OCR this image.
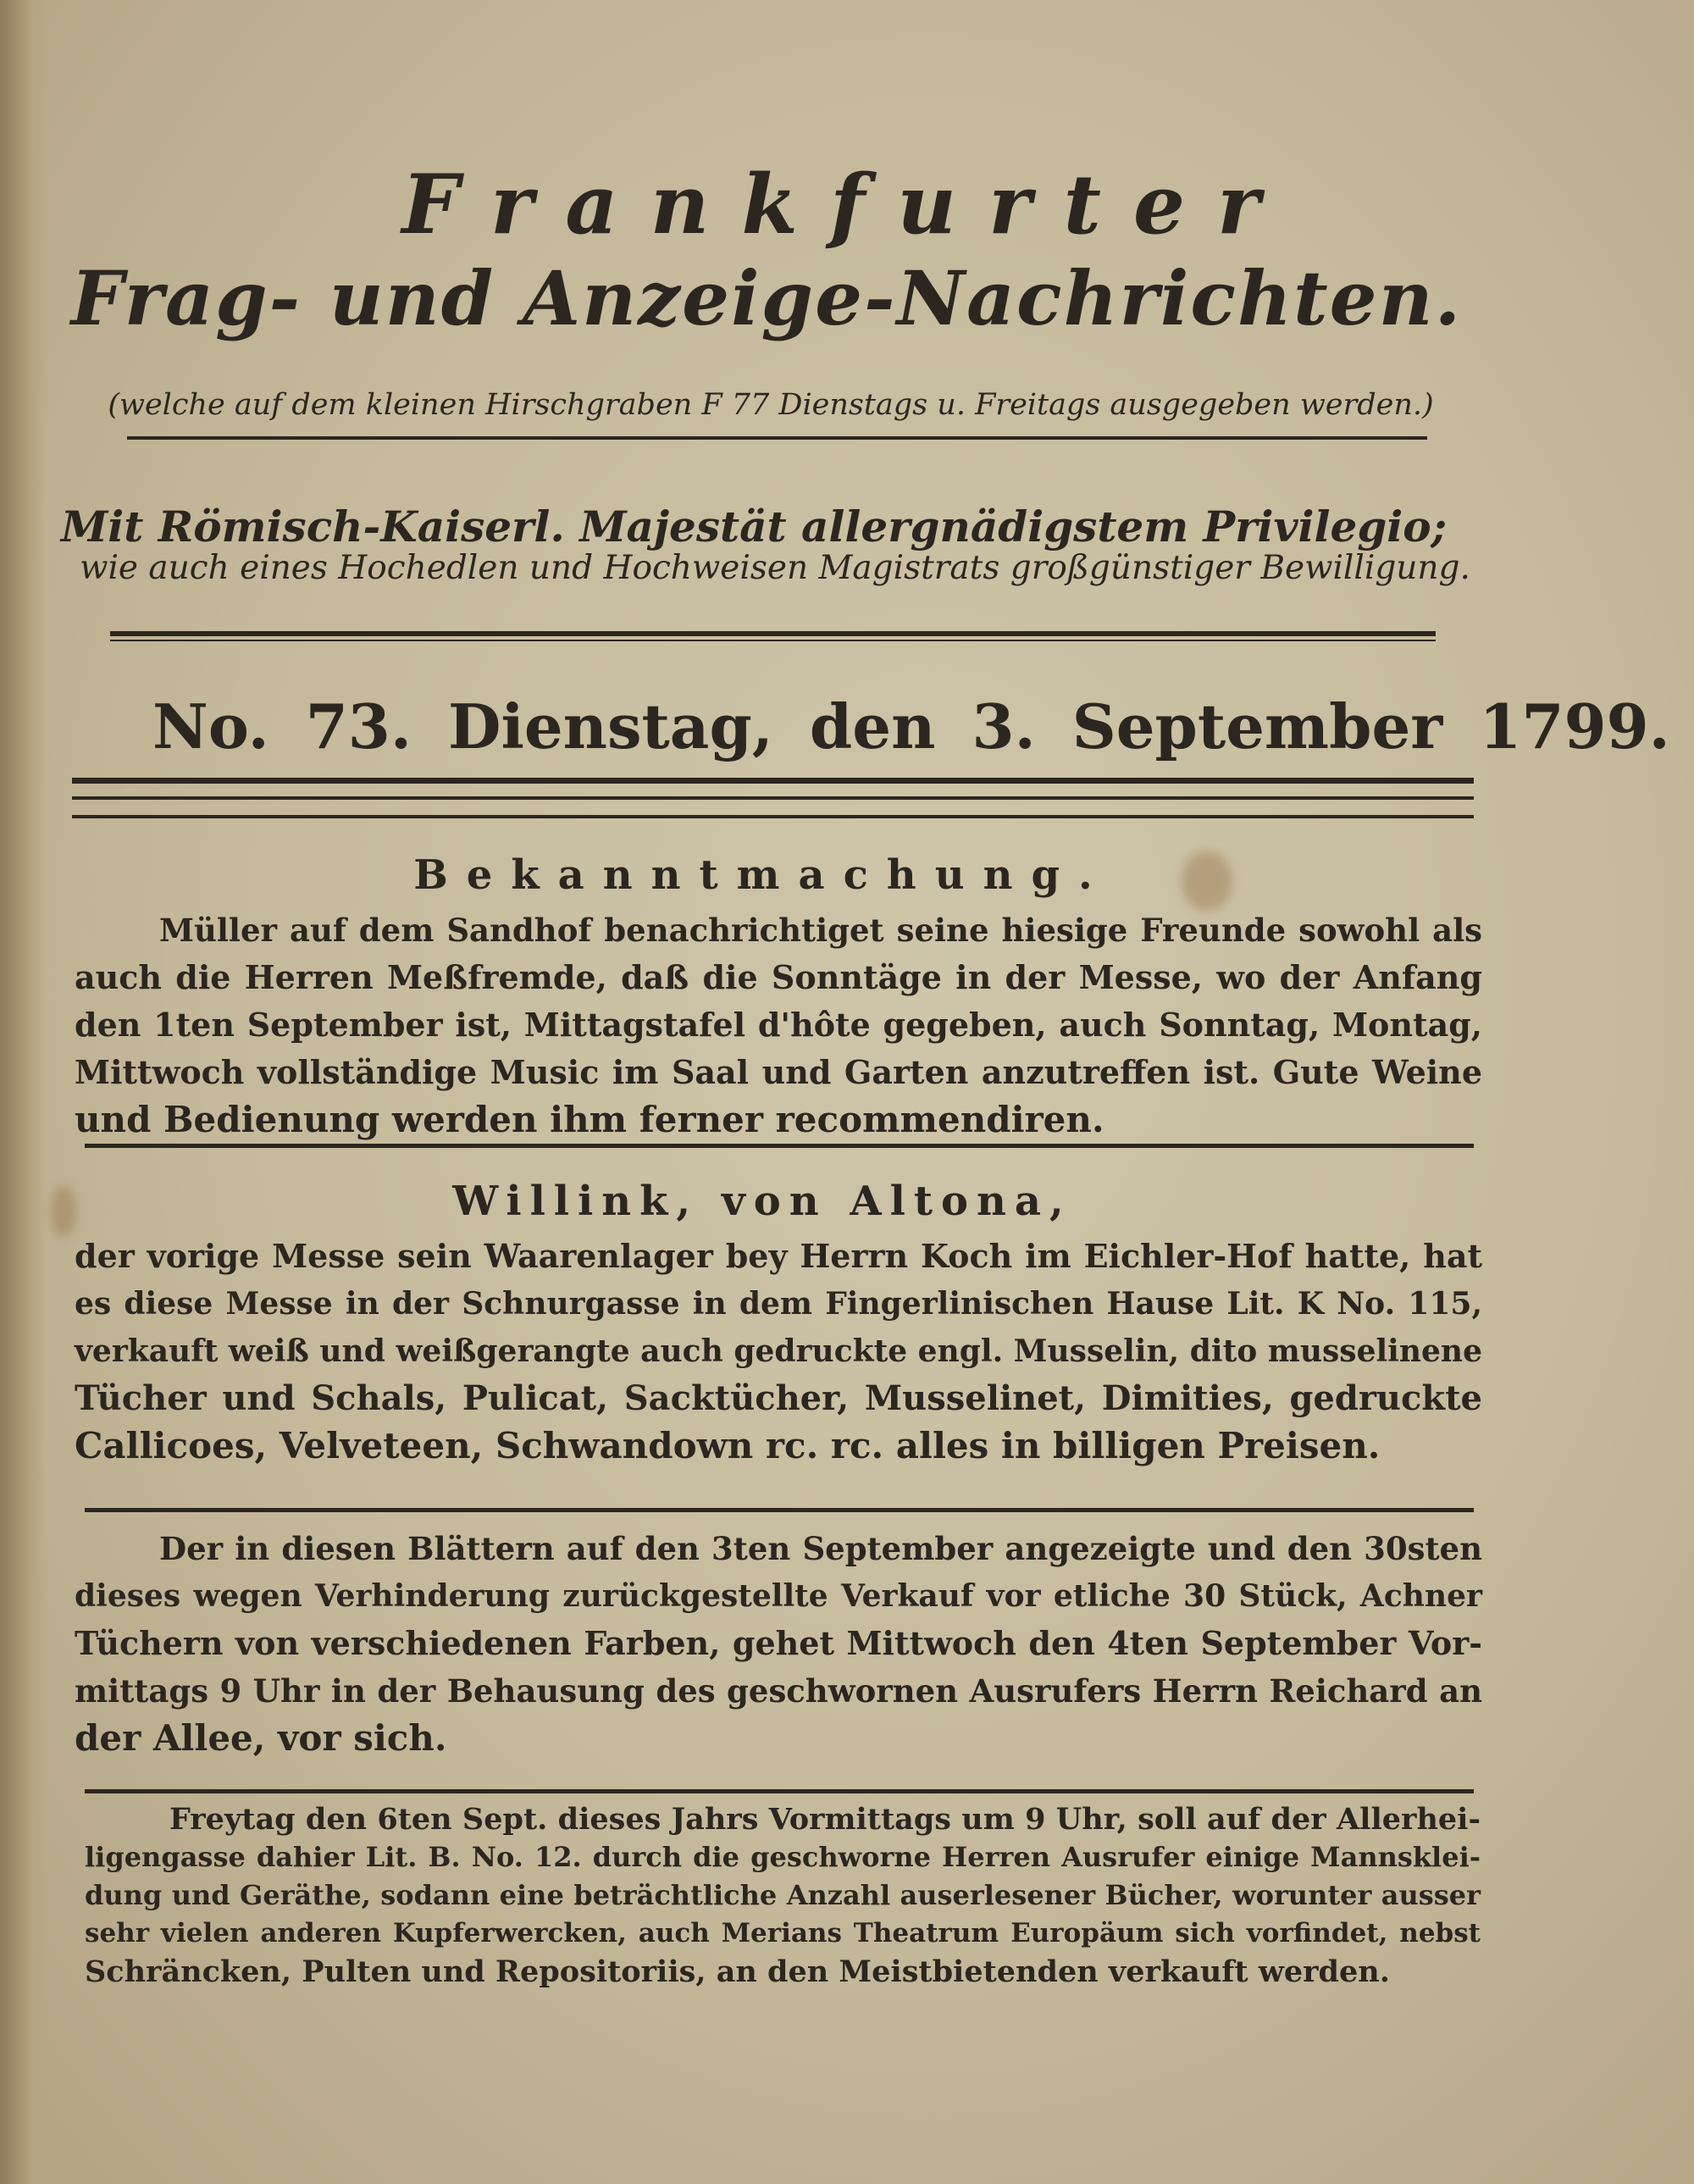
Frankfurter
Frag- und Anzeige-Nachrichten.
(welche auf dem kleinen Hirschgraben F 77 Dienstags u. Freitags ausgegeben werden.)
Mit Römisch-Kaiserl. Majestät allergnädigstem Privilegio;
wie auch eines Hochedlen und Hochweisen Magistrats großgünstiger Bewilligung.
No. 73. Dienstag, den 3. September 1799.
Bekanntmachung.
Müller auf dem Sandhof benachrichtiget seine hiesige Freunde sowohl als
auch die Herren Meßfremde, daß die Sonntäge in der Messe, wo der Anfang
den 1ten September ist, Mittagstafel d'hôte gegeben, auch Sonntag, Montag,
Mittwoch vollständige Music im Saal und Garten anzutreffen ist. Gute Weine
und Bedienung werden ihm ferner recommendiren.
Willink, von Altona,
der vorige Messe sein Waarenlager bey Herrn Koch im Eichler-Hof hatte, hat
es diese Messe in der Schnurgasse in dem Fingerlinischen Hause Lit. K No. 115,
verkauft weiß und weißgerangte auch gedruckte engl. Musselin, dito musselinene
Tücher und Schals, Pulicat, Sacktücher, Musselinet, Dimities, gedruckte
Callicoes, Velveteen, Schwandown rc. rc. alles in billigen Preisen.
Der in diesen Blättern auf den 3ten September angezeigte und den 30sten
dieses wegen Verhinderung zurückgestellte Verkauf vor etliche 30 Stück, Achner
Tüchern von verschiedenen Farben, gehet Mittwoch den 4ten September Vor-
mittags 9 Uhr in der Behausung des geschwornen Ausrufers Herrn Reichard an
der Allee, vor sich.
Freytag den 6ten Sept. dieses Jahrs Vormittags um 9 Uhr, soll auf der Allerhei-
ligengasse dahier Lit. B. No. 12. durch die geschworne Herren Ausrufer einige Mannsklei-
dung und Geräthe, sodann eine beträchtliche Anzahl auserlesener Bücher, worunter ausser
sehr vielen anderen Kupferwercken, auch Merians Theatrum Europäum sich vorfindet, nebst
Schräncken, Pulten und Repositoriis, an den Meistbietenden verkauft werden.
